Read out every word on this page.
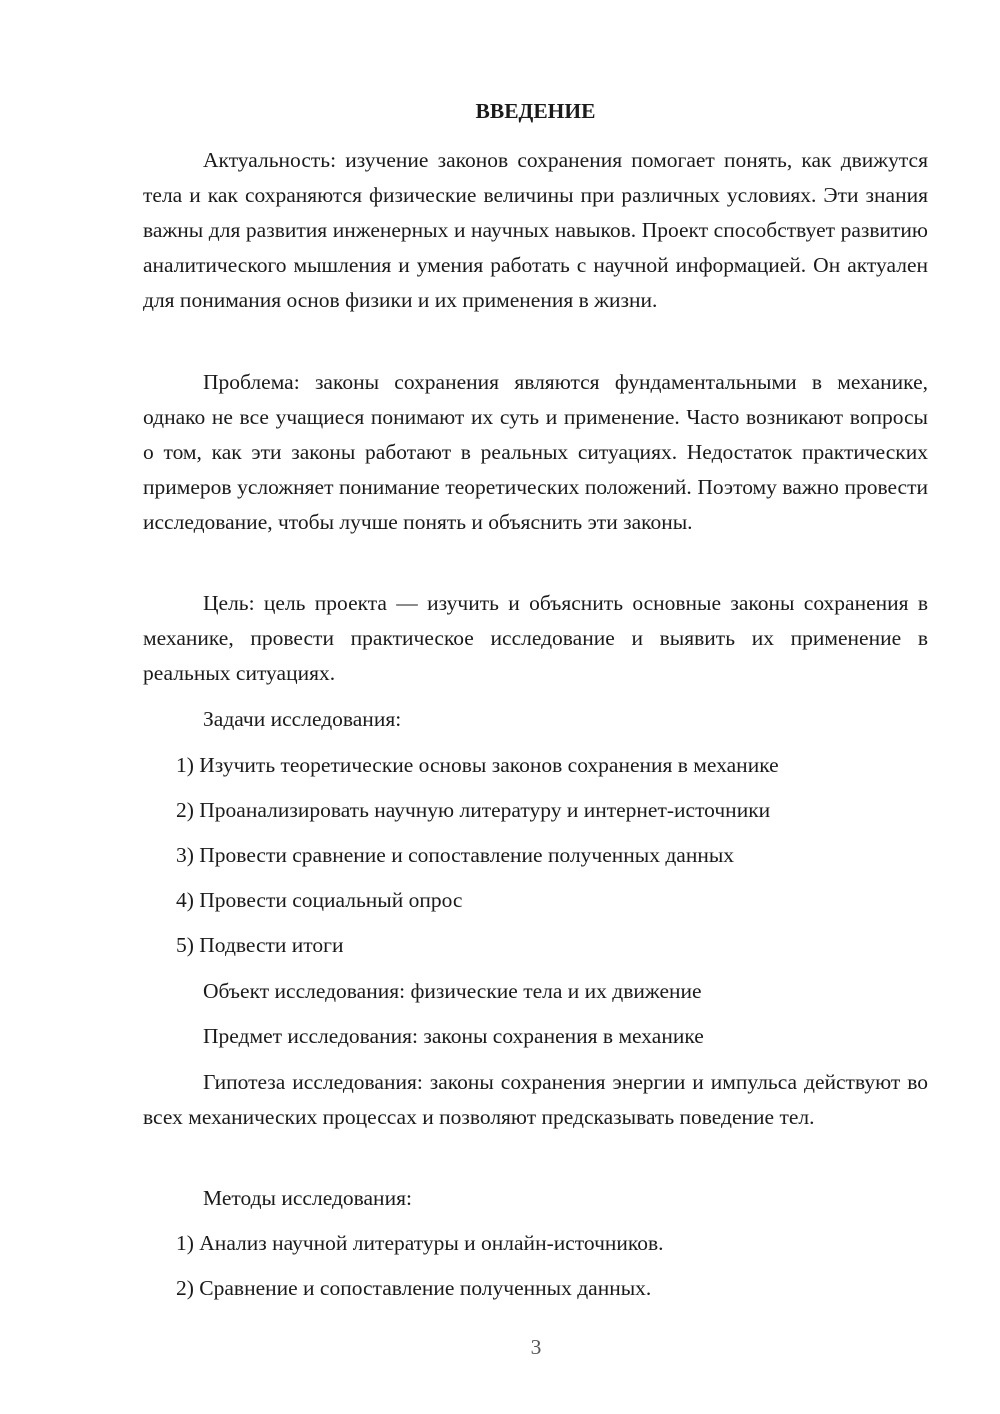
ВВЕДЕНИЕ

Актуальность: изучение законов сохранения помогает понять, как движутся тела и как сохраняются физические величины при различных условиях. Эти знания важны для развития инженерных и научных навыков. Проект способствует развитию аналитического мышления и умения работать с научной информацией. Он актуален для понимания основ физики и их применения в жизни.

Проблема: законы сохранения являются фундаментальными в механике, однако не все учащиеся понимают их суть и применение. Часто возникают вопросы о том, как эти законы работают в реальных ситуациях. Недостаток практических примеров усложняет понимание теоретических положений. Поэтому важно провести исследование, чтобы лучше понять и объяснить эти законы.

Цель: цель проекта — изучить и объяснить основные законы сохранения в механике, провести практическое исследование и выявить их применение в реальных ситуациях.

Задачи исследования:

1) Изучить теоретические основы законов сохранения в механике

2) Проанализировать научную литературу и интернет-источники

3) Провести сравнение и сопоставление полученных данных

4) Провести социальный опрос

5) Подвести итоги

Объект исследования: физические тела и их движение

Предмет исследования: законы сохранения в механике

Гипотеза исследования: законы сохранения энергии и импульса действуют во всех механических процессах и позволяют предсказывать поведение тел.

Методы исследования:

1) Анализ научной литературы и онлайн-источников.

2) Сравнение и сопоставление полученных данных.

3
